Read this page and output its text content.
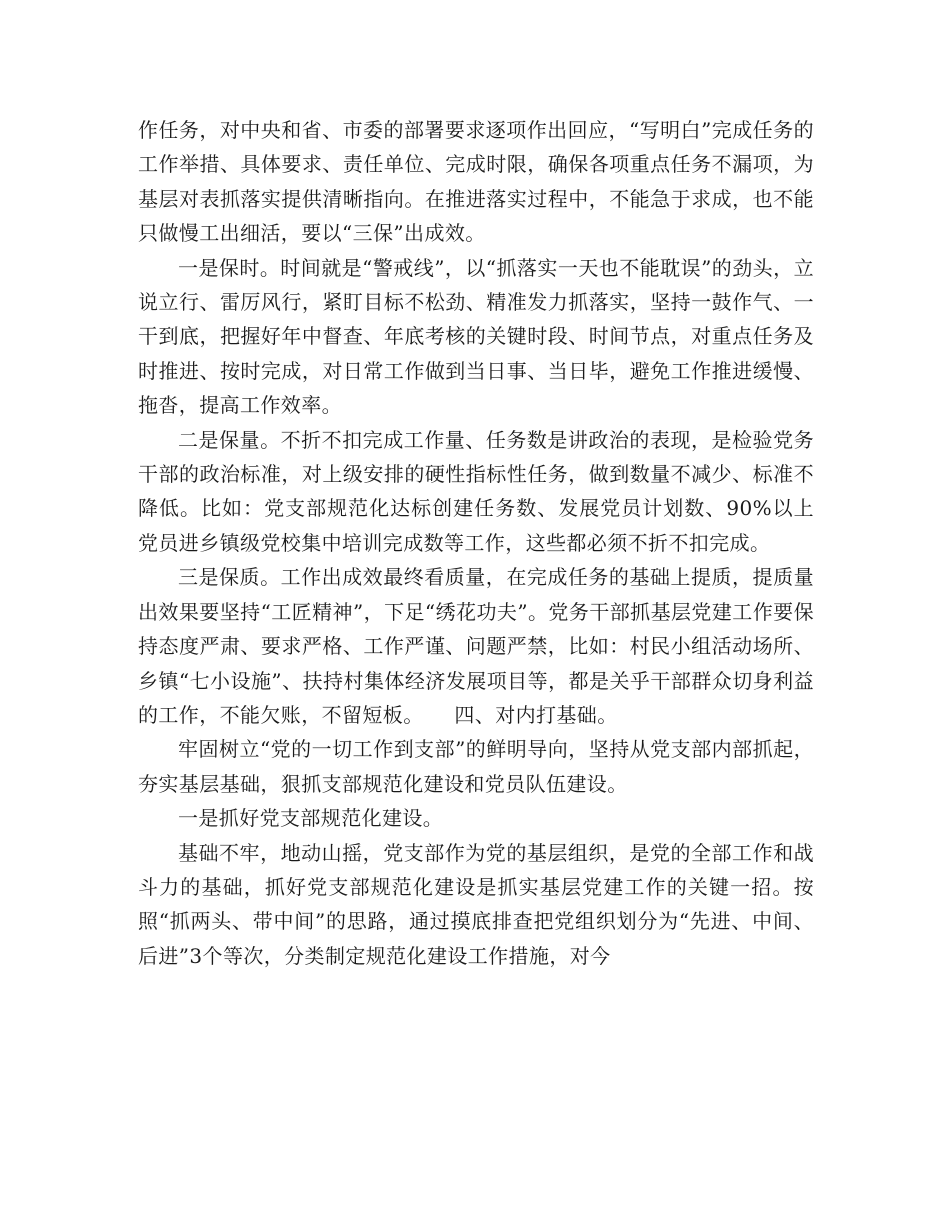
作任务，对中央和省、市委的部署要求逐项作出回应，“写明白”完成任务的工作举措、具体要求、责任单位、完成时限，确保各项重点任务不漏项，为基层对表抓落实提供清晰指向。在推进落实过程中，不能急于求成，也不能只做慢工出细活，要以“三保”出成效。

一是保时。时间就是“警戒线”，以“抓落实一天也不能耽误”的劲头，立说立行、雷厉风行，紧盯目标不松劲、精准发力抓落实，坚持一鼓作气、一干到底，把握好年中督查、年底考核的关键时段、时间节点，对重点任务及时推进、按时完成，对日常工作做到当日事、当日毕，避免工作推进缓慢、拖沓，提高工作效率。

二是保量。不折不扣完成工作量、任务数是讲政治的表现，是检验党务干部的政治标准，对上级安排的硬性指标性任务，做到数量不减少、标准不降低。比如：党支部规范化达标创建任务数、发展党员计划数、90%以上党员进乡镇级党校集中培训完成数等工作，这些都必须不折不扣完成。

三是保质。工作出成效最终看质量，在完成任务的基础上提质，提质量出效果要坚持“工匠精神”，下足“绣花功夫”。党务干部抓基层党建工作要保持态度严肃、要求严格、工作严谨、问题严禁，比如：村民小组活动场所、乡镇“七小设施”、扶持村集体经济发展项目等，都是关乎干部群众切身利益的工作，不能欠账，不留短板。　　四、对内打基础。

牢固树立“党的一切工作到支部”的鲜明导向，坚持从党支部内部抓起，夯实基层基础，狠抓支部规范化建设和党员队伍建设。

一是抓好党支部规范化建设。

基础不牢，地动山摇，党支部作为党的基层组织，是党的全部工作和战斗力的基础，抓好党支部规范化建设是抓实基层党建工作的关键一招。按照“抓两头、带中间”的思路，通过摸底排查把党组织划分为“先进、中间、后进”3个等次，分类制定规范化建设工作措施，对今
